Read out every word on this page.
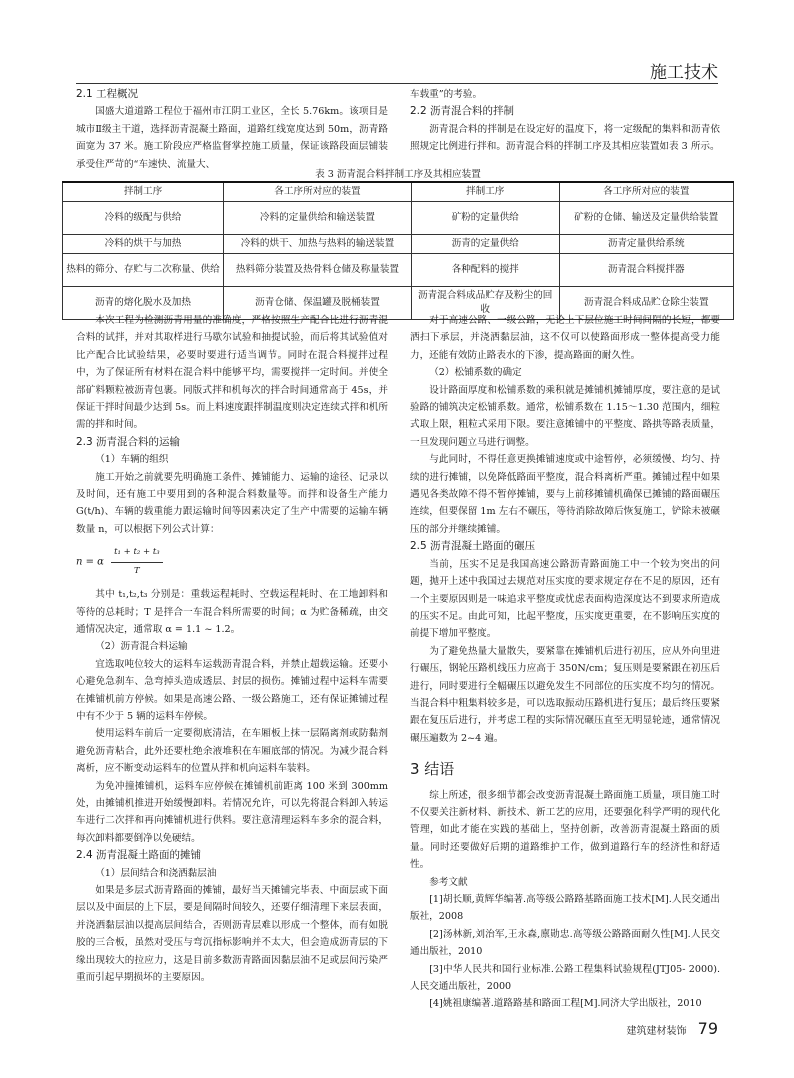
施工技术
2.1 工程概况

国盛大道道路工程位于福州市江阴工业区，全长 5.76km。该项目是城市Ⅱ级主干道，选择沥青混凝土路面，道路红线宽度达到 50m，沥青路面宽为 37 米。施工阶段应严格监督掌控施工质量，保证该路段面层铺装承受住严苛的“车速快、流量大、

车载重”的考验。

2.2 沥青混合料的拌制

沥青混合料的拌制是在设定好的温度下，将一定级配的集料和沥青依照规定比例进行拌和。沥青混合料的拌制工序及其相应装置如表 3 所示。

表 3 沥青混合料拌制工序及其相应装置
拌制工序	各工序所对应的装置	拌制工序	各工序所对应的装置
冷料的级配与供给	冷料的定量供给和输送装置	矿粉的定量供给	矿粉的仓储、输送及定量供给装置
冷料的烘干与加热	冷料的烘干、加热与热料的输送装置	沥青的定量供给	沥青定量供给系统
热料的筛分、存贮与二次称量、供给	热料筛分装置及热骨料仓储及称量装置	各种配料的搅拌	沥青混合料搅拌器
沥青的熔化脱水及加热	沥青仓储、保温罐及脱桶装置	沥青混合料成品贮存及粉尘的回收	沥青混合料成品贮仓除尘装置

本次工程为检测沥青用量的准确度，严格按照生产配合比进行沥青混合料的试拌，并对其取样进行马歇尔试验和抽提试验，而后将其试验值对比产配合比试验结果，必要时要进行适当调节。同时在混合料搅拌过程中，为了保证所有材料在混合料中能够平均，需要搅拌一定时间。并使全部矿料颗粒被沥青包裹。同版式拌和机每次的拌合时间通常高于 45s，并保证干拌时间最少达到 5s。而上料速度跟拌制温度则决定连续式拌和机所需的拌和时间。

2.3 沥青混合料的运输
（1）车辆的组织

施工开始之前就要先明确施工条件、摊铺能力、运输的途径、记录以及时间，还有施工中要用到的各种混合料数量等。而拌和设备生产能力 G(t/h)、车辆的载重能力跟运输时间等因素决定了生产中需要的运输车辆数量 n，可以根据下列公式计算：

n = α $\frac{\text{t₁ + t₂ + t₃}}{T}$

其中 t₁,t₂,t₃ 分别是：重载运程耗时、空载运程耗时、在工地卸料和等待的总耗时；T 是拌合一车混合料所需要的时间；α 为贮备稀疏，由交通情况决定，通常取 α = 1.1 ~ 1.2。

（2）沥青混合料运输

宜选取吨位较大的运料车运载沥青混合料，并禁止超载运输。还要小心避免急刹车、急弯掉头造成透层、封层的损伤。摊铺过程中运料车需要在摊铺机前方停候。如果是高速公路、一级公路施工，还有保证摊铺过程中有不少于 5 辆的运料车停候。

使用运料车前后一定要彻底清洁，在车厢板上抹一层隔离剂或防黏剂避免沥青粘合，此外还要杜绝余液堆积在车厢底部的情况。为减少混合料离析，应不断变动运料车的位置从拌和机向运料车装料。

为免冲撞摊铺机，运料车应停候在摊铺机前距离 100 米到 300mm 处，由摊铺机推进开始缓慢卸料。若情况允许，可以先将混合料卸入转运车进行二次拌和再向摊铺机进行供料。要注意清理运料车多余的混合料，每次卸料都要倒净以免硬结。

2.4 沥青混凝土路面的摊铺
（1）层间结合和浇洒黏层油

如果是多层式沥青路面的摊铺，最好当天摊铺完毕表、中面层或下面层以及中面层的上下层，要是间隔时间较久，还要仔细清理下来层表面，并浇洒黏层油以提高层间结合，否则沥青层难以形成一个整体，而有如脱胶的三合板，虽然对受压与弯沉指标影响并不太大，但会造成沥青层的下缘出现较大的拉应力，这是目前多数沥青路面因黏层油不足或层间污染严重而引起早期损坏的主要原因。

对于高速公路、一级公路，无论上下层位施工时间间隔的长短，都要洒扫下承层，并浇洒黏层油，这不仅可以使路面形成一整体提高受力能力，还能有效防止路表水的下渗，提高路面的耐久性。

（2）松铺系数的确定

设计路面厚度和松铺系数的乘积就是摊铺机摊铺厚度，要注意的是试验路的铺筑决定松铺系数。通常，松铺系数在 1.15～1.30 范围内，细粒式取上限，粗粒式采用下限。要注意摊铺中的平整度、路拱等路表质量，一旦发现问题立马进行调整。

与此同时，不得任意更换摊铺速度或中途暂停，必须缓慢、均匀、持续的进行摊铺，以免降低路面平整度，混合料离析严重。摊铺过程中如果遇见各类故障不得不暂停摊铺，要与上前移摊铺机确保已摊铺的路面碾压连续，但要保留 1m 左右不碾压，等待消除故障后恢复施工，铲除未被碾压的部分并继续摊铺。

2.5 沥青混凝土路面的碾压

当前，压实不足是我国高速公路沥青路面施工中一个较为突出的问题，抛开上述中我国过去规范对压实度的要求规定存在不足的原因，还有一个主要原因则是一味追求平整度或忧虑表面构造深度达不到要求所造成的压实不足。由此可知，比起平整度，压实度更重要，在不影响压实度的前提下增加平整度。

为了避免热量大量散失，要紧靠在摊铺机后进行初压，应从外向里进行碾压，钢轮压路机线压力应高于 350N/cm；复压则是要紧跟在初压后进行，同时要进行全幅碾压以避免发生不同部位的压实度不均匀的情况。当混合料中粗集料较多是，可以选取振动压路机进行复压；最后终压要紧跟在复压后进行，并考虑工程的实际情况碾压直至无明显轮迹，通常情况碾压遍数为 2~4 遍。

3 结语

综上所述，很多细节都会改变沥青混凝土路面施工质量，项目施工时不仅要关注新材料、新技术、新工艺的应用，还要强化科学严明的现代化管理，如此才能在实践的基础上，坚持创新，改善沥青混凝土路面的质量。同时还要做好后期的道路维护工作，做到道路行车的经济性和舒适性。

参考文献

[1]胡长顺,黄辉华编著.高等级公路路基路面施工技术[M].人民交通出版社，2008

[2]汤林新,刘治军,王永森,廪勋忠.高等级公路路面耐久性[M].人民交通出版社，2010

[3]中华人民共和国行业标准.公路工程集料试验规程(JTJ05- 2000).人民交通出版社，2000

[4]姚祖康编著.道路路基和路面工程[M].同济大学出版社，2010

建筑建材装饰 79
